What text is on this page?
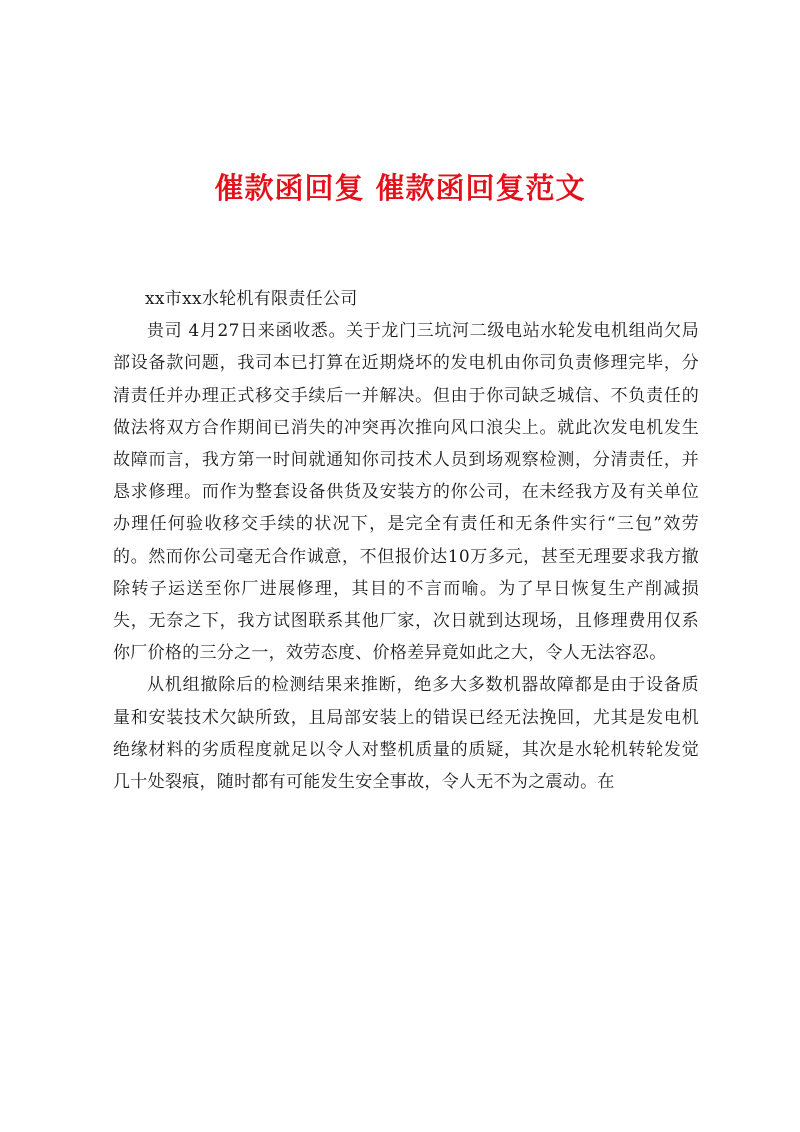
催款函回复 催款函回复范文

xx市xx水轮机有限责任公司

贵司 4月27日来函收悉。关于龙门三坑河二级电站水轮发电机组尚欠局部设备款问题，我司本已打算在近期烧坏的发电机由你司负责修理完毕，分清责任并办理正式移交手续后一并解决。但由于你司缺乏城信、不负责任的做法将双方合作期间已消失的冲突再次推向风口浪尖上。就此次发电机发生故障而言，我方第一时间就通知你司技术人员到场观察检测，分清责任，并恳求修理。而作为整套设备供货及安装方的你公司，在未经我方及有关单位办理任何验收移交手续的状况下，是完全有责任和无条件实行“三包”效劳的。然而你公司毫无合作诚意，不但报价达10万多元，甚至无理要求我方撤除转子运送至你厂进展修理，其目的不言而喻。为了早日恢复生产削减损失，无奈之下，我方试图联系其他厂家，次日就到达现场，且修理费用仅系你厂价格的三分之一，效劳态度、价格差异竟如此之大，令人无法容忍。

从机组撤除后的检测结果来推断，绝多大多数机器故障都是由于设备质量和安装技术欠缺所致，且局部安装上的错误已经无法挽回，尤其是发电机绝缘材料的劣质程度就足以令人对整机质量的质疑，其次是水轮机转轮发觉几十处裂痕，随时都有可能发生安全事故，令人无不为之震动。在
